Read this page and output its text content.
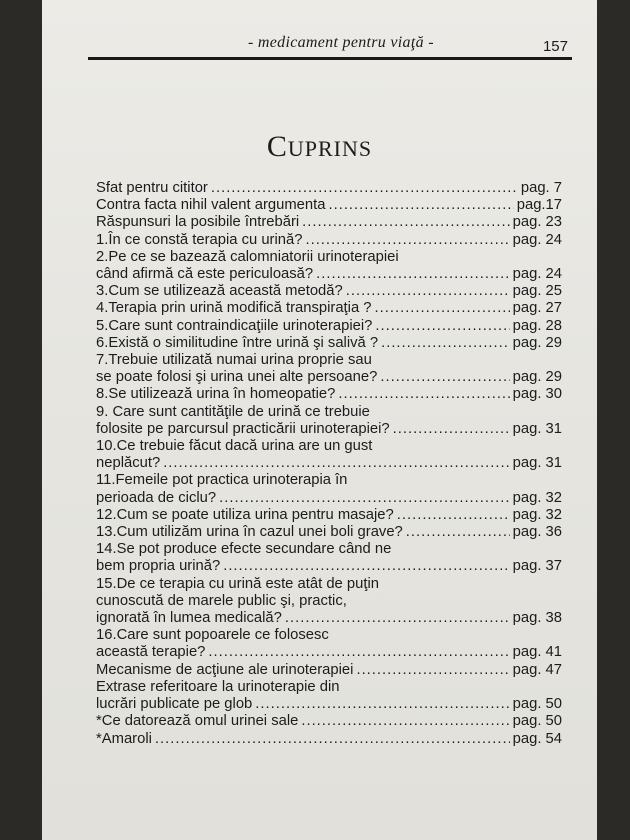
- medicament pentru viaţă -	157
CUPRINS
Sfat pentru cititor .....	pag. 7
Contra facta nihil valent argumenta .....	pag.17
Răspunsuri la posibile întrebări .....	pag. 23
1.În ce constă terapia cu urină? .....	pag. 24
2.Pe ce se bazează calomniatorii urinoterapiei
când afirmă că este periculoasă? .....	pag. 24
3.Cum se utilizează această metodă? .....	pag. 25
4.Terapia prin urină modifică transpiraţia ? .....	pag. 27
5.Care sunt contraindicaţiile urinoterapiei? .....	pag. 28
6.Există o similitudine între urină şi salivă ? .....	pag. 29
7.Trebuie utilizată numai urina proprie sau
se poate folosi şi urina unei alte persoane? .....	pag. 29
8.Se utilizează urina în homeopatie? .....	pag. 30
9. Care sunt cantităţile de urină ce trebuie
folosite pe parcursul practicării urinoterapiei? .....	pag. 31
10.Ce trebuie făcut dacă urina are un gust
neplăcut? .....	pag. 31
11.Femeile pot practica urinoterapia în
perioada de ciclu? .....	pag. 32
12.Cum se poate utiliza urina pentru masaje? .....	pag. 32
13.Cum utilizăm urina în cazul unei boli grave? .....	pag. 36
14.Se pot produce efecte secundare când ne
bem propria urină? .....	pag. 37
15.De ce terapia cu urină este atât de puţin
cunoscută de marele public şi, practic,
ignorată în lumea medicală? .....	pag. 38
16.Care sunt popoarele ce folosesc
această terapie? .....	pag. 41
Mecanisme de acţiune ale urinoterapiei .....	pag. 47
Extrase referitoare la urinoterapie din
lucrări publicate pe glob .....	pag. 50
*Ce datorează omul urinei sale .....	pag. 50
*Amaroli .....	pag. 54
